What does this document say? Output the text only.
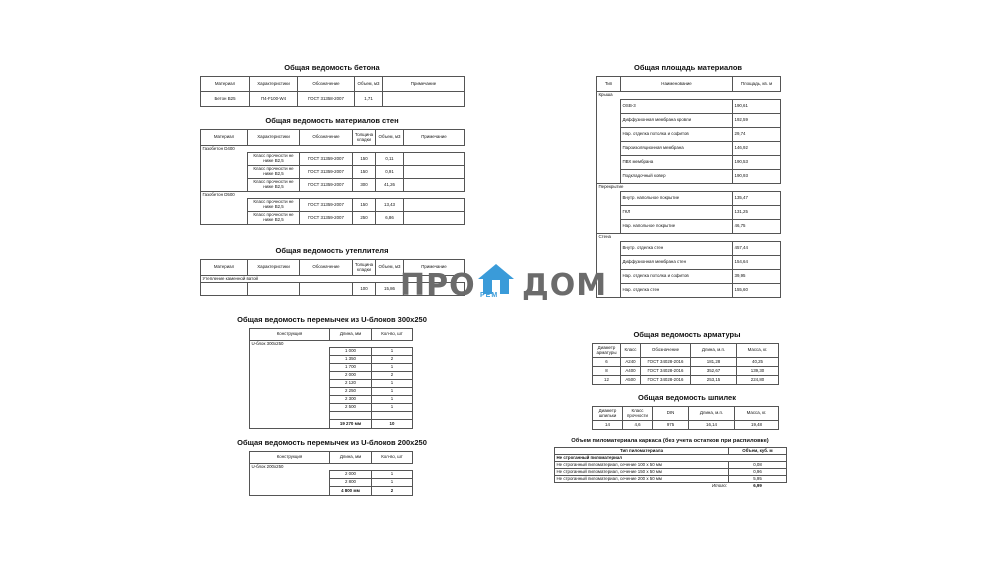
Общая ведомость бетона
Материал	Характеристики	Обозначение	Объем, м3	Примечание
Бетон B25	П4-F100-W4	ГОСТ 31358-2007	1,71	
Общая ведомость материалов стен
Материал	Характеристики	Обозначение	Толщина кладки	Объем, м3	Примечание
Газобетон D400					
	Класс прочности не ниже B2,5	ГОСТ 31359-2007	150	0,11	
	Класс прочности не ниже B2,5	ГОСТ 31359-2007	150	0,91	
	Класс прочности не ниже B2,5	ГОСТ 31359-2007	300	41,26	
Газобетон D500					
	Класс прочности не ниже B2,5	ГОСТ 31359-2007	150	13,43	
	Класс прочности не ниже B2,5	ГОСТ 31359-2007	250	6,86	
Общая ведомость утеплителя
Материал	Характеристики	Обозначение	Толщина кладки	Объем, м3	Примечание
Утепление каменной ватой					
			100	15,86	
Общая ведомость перемычек из U-блоков 300х250
Конструкция	Длина, мм	Кол-во, шт
U-блок 300х250		
	1 000	1
	1 350	2
	1 700	1
	2 000	2
	2 120	1
	2 250	1
	2 300	1
	2 500	1

	19 270 мм	10
Общая ведомость перемычек из U-блоков 200х250
Конструкция	Длина, мм	Кол-во, шт
U-блок 200х250		
	2 000	1
	2 800	1
	4 800 мм	2
Общая площадь материалов
Тип	Наименование	Площадь, кв. м
Крыша		
	OSB-3	190,61
	Диффузионная мембрана кровли	192,59
	Нар. отделка потолка и софитов	29,74
	Пароизоляционная мембрана	146,92
	ПВХ мембрана	190,53
	Подкладочный ковер	190,93
Перекрытие		
	Внутр. напольное покрытие	135,47
	ГКЛ	131,25
	Нар. напольное покрытие	46,75
Стена		
	Внутр. отделка стен	457,44
	Диффузионная мембрана стен	154,64
	Нар. отделка потолка и софитов	39,95
	Нар. отделка стен	155,60
Общая ведомость арматуры
Диаметр арматуры	Класс	Обозначение	Длина, м.п.	Масса, кг.
6	A240	ГОСТ 34028-2016	181,28	40,25
8	A400	ГОСТ 34028-2016	352,67	139,30
12	A500	ГОСТ 34028-2016	253,15	224,80
Общая ведомость шпилек
Диаметр шпильки	Класс прочности	DIN	Длина, м.п.	Масса, кг.
14	4,6	975	16,14	19,48
Объем пиломатериала каркаса (без учета остатков при распиловке)
Тип пиломатериала	Объем, куб. м
Не строганный пиломатериал	
Не строганный пиломатериал, сечение 100 х 50 мм	0,08
Не строганный пиломатериал, сечение 150 х 50 мм	0,96
Не строганный пиломатериал, сечение 200 х 50 мм	5,95
Итого:	6,99
ПРО ДОМ
РЕМ
